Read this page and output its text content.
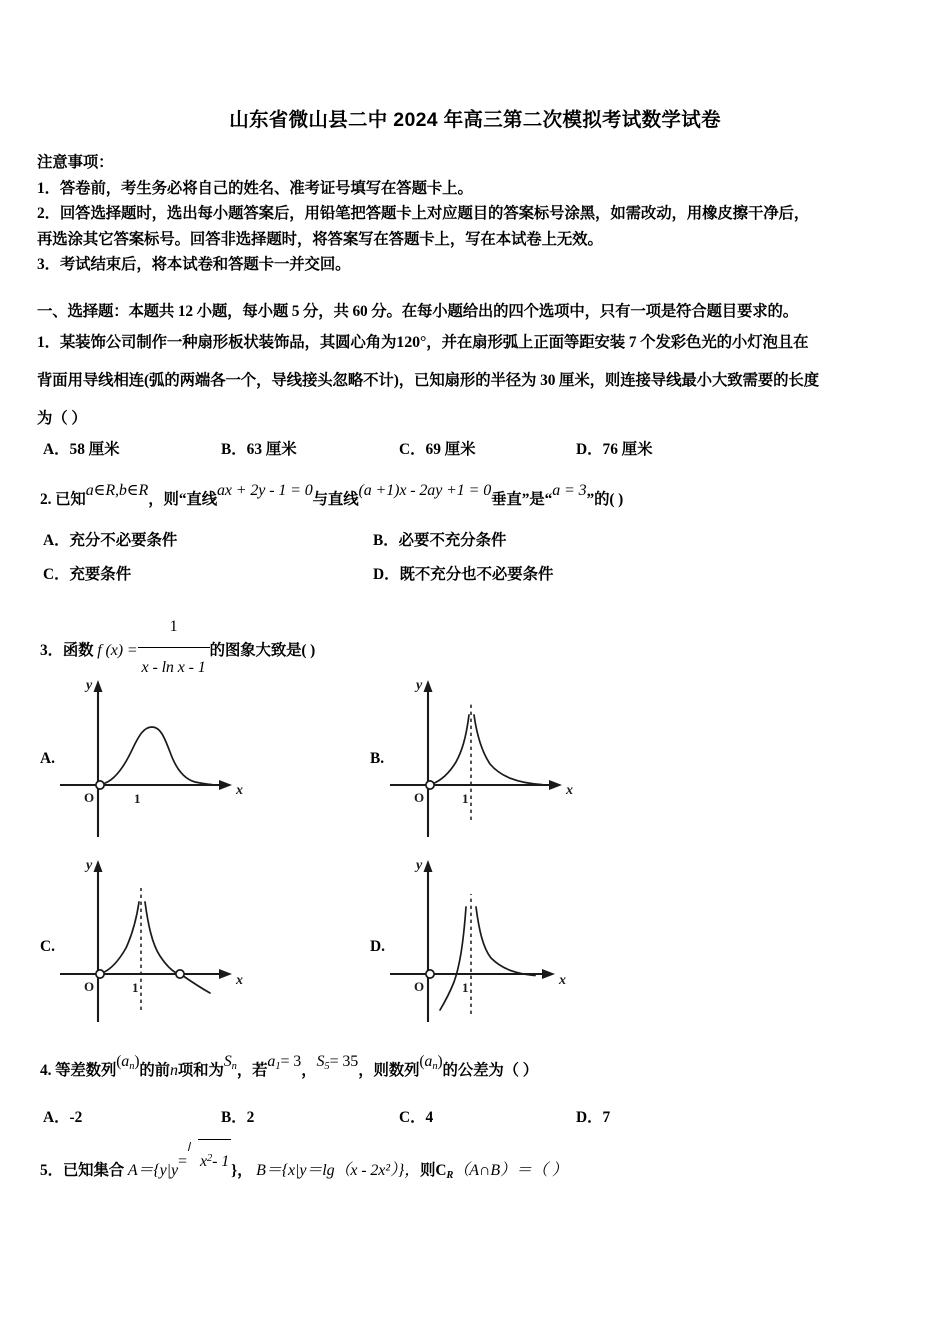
山东省微山县二中 2024 年高三第二次模拟考试数学试卷
注意事项：
1．答卷前，考生务必将自己的姓名、准考证号填写在答题卡上。
2．回答选择题时，选出每小题答案后，用铅笔把答题卡上对应题目的答案标号涂黑，如需改动，用橡皮擦干净后，
再选涂其它答案标号。回答非选择题时，将答案写在答题卡上，写在本试卷上无效。
3．考试结束后，将本试卷和答题卡一并交回。
一、选择题：本题共 12 小题，每小题 5 分，共 60 分。在每小题给出的四个选项中，只有一项是符合题目要求的。
1．某装饰公司制作一种扇形板状装饰品，其圆心角为120°，并在扇形弧上正面等距安装 7 个发彩色光的小灯泡且在
背面用导线相连(弧的两端各一个，导线接头忽略不计)，已知扇形的半径为 30 厘米，则连接导线最小大致需要的长度
为（ ）
A．58 厘米	B．63 厘米	C．69 厘米	D．76 厘米
2. 已知a∈R,b∈R，则“直线ax + 2y - 1 = 0与直线(a +1)x - 2ay +1 = 0垂直”是“a = 3”的( )
A．充分不必要条件	B．必要不充分条件
C．充要条件	D．既不充分也不必要条件
3．函数 f $(x) = \frac{1}{\text{x - ln x - 1}}$ 的图象大致是( )
A.
O	1
x
y
B.
O	1
x
y
C.
O	1	x
y
D.
O	1	x
y
4. 等差数列$(a_n)$的前n项和为$S_n$，若$a_1= 3$，$S_5= 35$，则数列$(a_n)$的公差为（ ）
A．-2	B．2	C．4	D．7
5．已知集合 $A=\{y|y= x^2-$ 1}， B＝{x|y＝lg（x - 2x²）}，则$C_R(A\cap B)=$（ ）
